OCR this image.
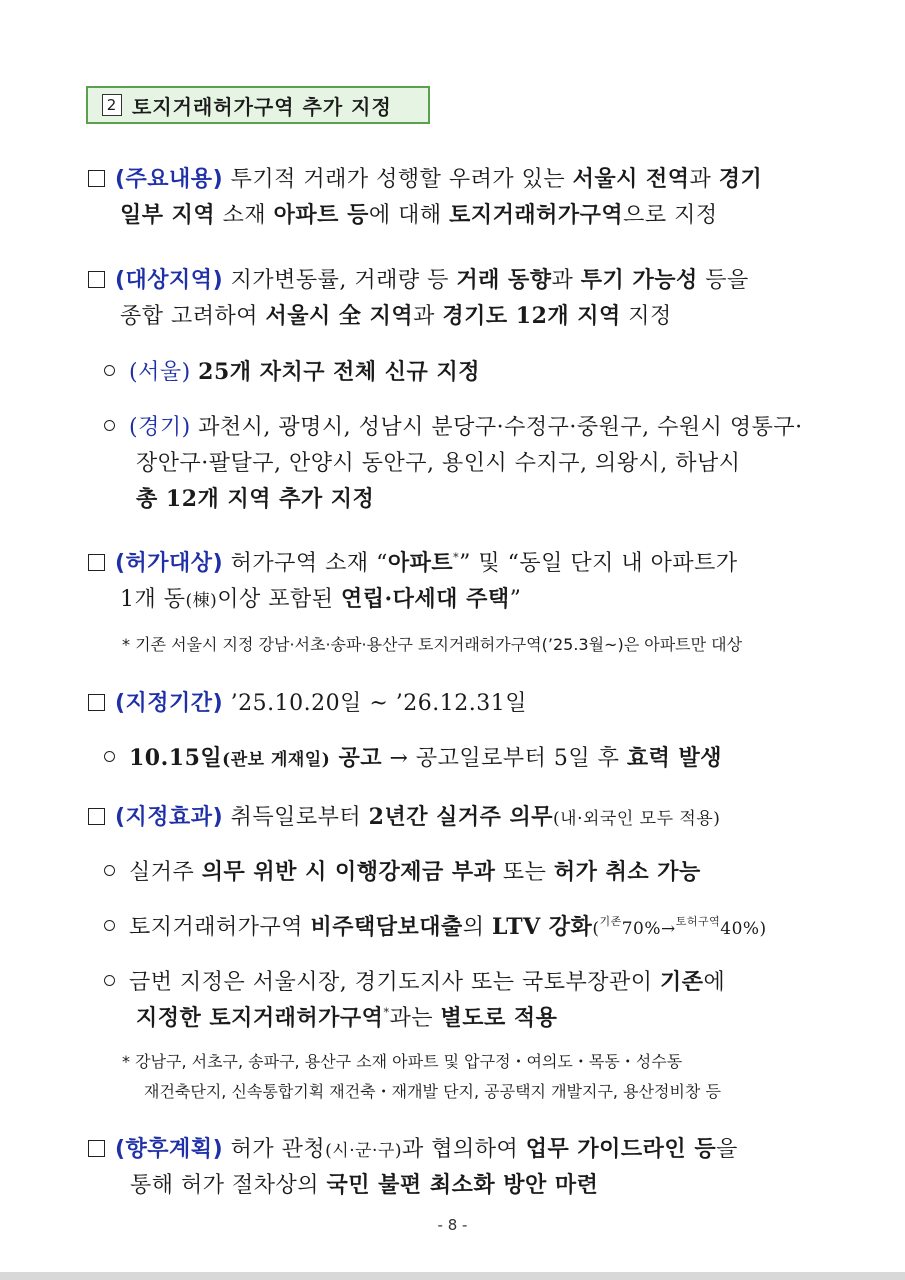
2 토지거래허가구역 추가 지정
(주요내용) 투기적 거래가 성행할 우려가 있는 서울시 전역과 경기
일부 지역 소재 아파트 등에 대해 토지거래허가구역으로 지정
(대상지역) 지가변동률, 거래량 등 거래 동향과 투기 가능성 등을
종합 고려하여 서울시 全 지역과 경기도 12개 지역 지정
(서울) 25개 자치구 전체 신규 지정
(경기) 과천시, 광명시, 성남시 분당구·수정구·중원구, 수원시 영통구·
장안구·팔달구, 안양시 동안구, 용인시 수지구, 의왕시, 하남시
총 12개 지역 추가 지정
(허가대상) 허가구역 소재 “아파트*” 및 “동일 단지 내 아파트가
1개 동(棟)이상 포함된 연립·다세대 주택”
* 기존 서울시 지정 강남·서초·송파·용산구 토지거래허가구역(’25.3월~)은 아파트만 대상
(지정기간) ’25.10.20일 ~ ’26.12.31일
10.15일(관보 게재일) 공고 → 공고일로부터 5일 후 효력 발생
(지정효과) 취득일로부터 2년간 실거주 의무(내·외국인 모두 적용)
실거주 의무 위반 시 이행강제금 부과 또는 허가 취소 가능
토지거래허가구역 비주택담보대출의 LTV 강화($^{기존}$70%→$^{토허구역}$40%)
금번 지정은 서울시장, 경기도지사 또는 국토부장관이 기존에
지정한 토지거래허가구역*과는 별도로 적용
* 강남구, 서초구, 송파구, 용산구 소재 아파트 및 압구정・여의도・목동・성수동
재건축단지, 신속통합기획 재건축・재개발 단지, 공공택지 개발지구, 용산정비창 등
(향후계획) 허가 관청(시·군·구)과 협의하여 업무 가이드라인 등을
통해 허가 절차상의 국민 불편 최소화 방안 마련
- 8 -
